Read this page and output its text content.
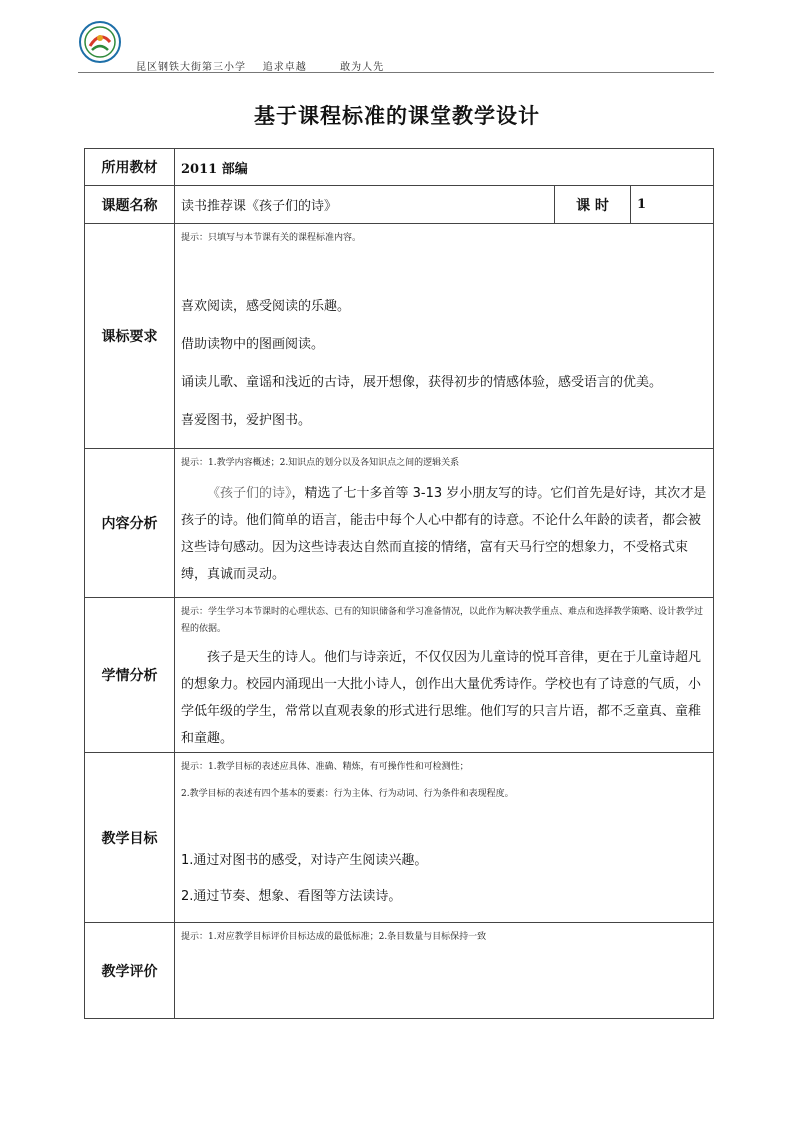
昆区钢铁大街第三小学    追求卓越        敢为人先
基于课程标准的课堂教学设计
所用教材	2011 部编		
课题名称	读书推荐课《孩子们的诗》	课 时	1
课标要求	提示：只填写与本节课有关的课程标准内容。
喜欢阅读，感受阅读的乐趣。
借助读物中的图画阅读。
诵读儿歌、童谣和浅近的古诗，展开想像，获得初步的情感体验，感受语言的优美。
喜爱图书，爱护图书。		

内容分析	提示：1.教学内容概述；2.知识点的划分以及各知识点之间的逻辑关系

《孩子们的诗》，精选了七十多首等 3-13 岁小朋友写的诗。它们首先是好诗，其次才是孩子的诗。他们简单的语言，能击中每个人心中都有的诗意。不论什么年龄的读者，都会被这些诗句感动。因为这些诗表达自然而直接的情绪，富有天马行空的想象力，不受格式束缚，真诚而灵动。		

学情分析	提示：学生学习本节课时的心理状态、已有的知识储备和学习准备情况，以此作为解决教学重点、难点和选择教学策略、设计教学过程的依据。

孩子是天生的诗人。他们与诗亲近，不仅仅因为儿童诗的悦耳音律，更在于儿童诗超凡的想象力。校园内涌现出一大批小诗人，创作出大量优秀诗作。学校也有了诗意的气质，小学低年级的学生，常常以直观表象的形式进行思维。他们写的只言片语，都不乏童真、童稚和童趣。		

教学目标	提示：1.教学目标的表述应具体、准确、精炼，有可操作性和可检测性；
2.教学目标的表述有四个基本的要素：行为主体、行为动词、行为条件和表现程度。
1.通过对图书的感受，对诗产生阅读兴趣。
2.通过节奏、想象、看图等方法读诗。		

教学评价	提示：1.对应教学目标评价目标达成的最低标准；2.条目数量与目标保持一致		
